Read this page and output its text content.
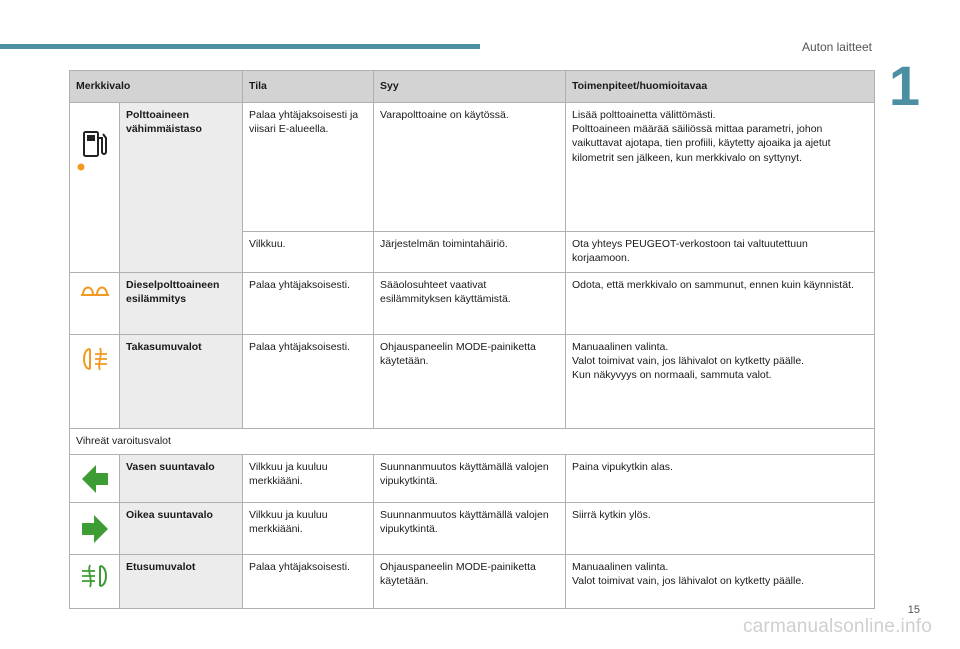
Auton laitteet
1
Merkkivalo		Tila	Syy	Toimenpiteet/huomioitavaa

	Polttoaineen vähimmäistaso	Palaa yhtäjaksoisesti ja viisari E-alueella.	Varapolttoaine on käytössä.	Lisää polttoainetta välittömästi.
Polttoaineen määrää säiliössä mittaa parametri, johon vaikuttavat ajotapa, tien profiili, käytetty ajoaika ja ajetut kilometrit sen jälkeen, kun merkkivalo on syttynyt.
		Vilkkuu.	Järjestelmän toimintahäiriö.	Ota yhteys PEUGEOT-verkostoon tai valtuutettuun korjaamoon.

	Dieselpolttoaineen esilämmitys	Palaa yhtäjaksoisesti.	Sääolosuhteet vaativat esilämmityksen käyttämistä.	Odota, että merkkivalo on sammunut, ennen kuin käynnistät.

	Takasumuvalot	Palaa yhtäjaksoisesti.	Ohjauspaneelin MODE-painiketta käytetään.	Manuaalinen valinta.
Valot toimivat vain, jos lähivalot on kytketty päälle.
Kun näkyvyys on normaali, sammuta valot.
Vihreät varoitusvalot				

	Vasen suuntavalo	Vilkkuu ja kuuluu merkkiääni.	Suunnanmuutos käyttämällä valojen vipukytkintä.	Paina vipukytkin alas.

	Oikea suuntavalo	Vilkkuu ja kuuluu merkkiääni.	Suunnanmuutos käyttämällä valojen vipukytkintä.	Siirrä kytkin ylös.

	Etusumuvalot	Palaa yhtäjaksoisesti.	Ohjauspaneelin MODE-painiketta käytetään.	Manuaalinen valinta.
Valot toimivat vain, jos lähivalot on kytketty päälle.
15
carmanualsonline.info
